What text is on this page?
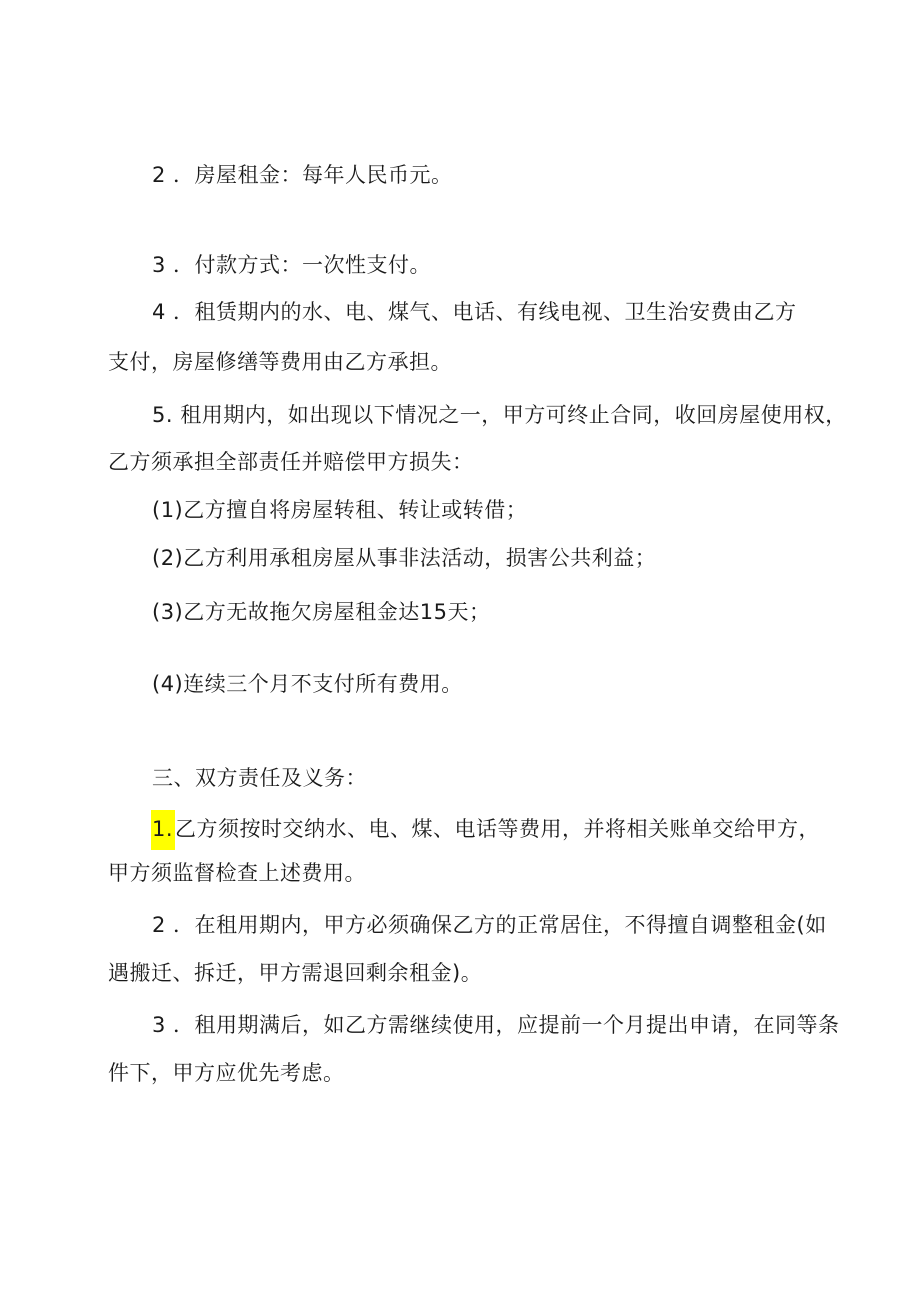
2 ．房屋租金：每年人民币元。
3 ．付款方式：一次性支付。
4 ．租赁期内的水、电、煤气、电话、有线电视、卫生治安费由乙方
支付，房屋修缮等费用由乙方承担。
5. 租用期内，如出现以下情况之一，甲方可终止合同，收回房屋使用权，
乙方须承担全部责任并赔偿甲方损失：
(1)乙方擅自将房屋转租、转让或转借；
(2)乙方利用承租房屋从事非法活动，损害公共利益；
(3)乙方无故拖欠房屋租金达15天；
(4)连续三个月不支付所有费用。
三、双方责任及义务：
1.乙方须按时交纳水、电、煤、电话等费用，并将相关账单交给甲方，
甲方须监督检查上述费用。
2 ．在租用期内，甲方必须确保乙方的正常居住，不得擅自调整租金(如
遇搬迁、拆迁，甲方需退回剩余租金)。
3 ．租用期满后，如乙方需继续使用，应提前一个月提出申请，在同等条
件下，甲方应优先考虑。
